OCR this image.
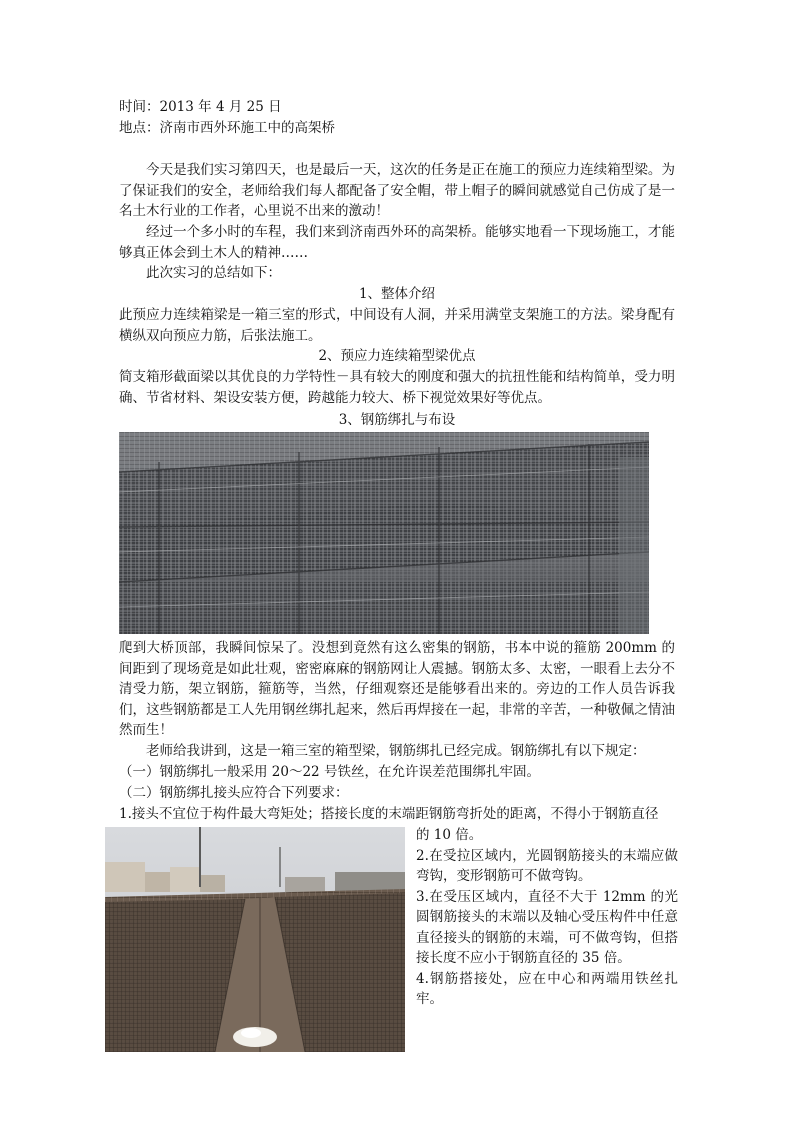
时间：2013 年 4 月 25 日
地点：济南市西外环施工中的高架桥
今天是我们实习第四天，也是最后一天，这次的任务是正在施工的预应力连续箱型梁。为了保证我们的安全，老师给我们每人都配备了安全帽，带上帽子的瞬间就感觉自己仿成了是一名土木行业的工作者，心里说不出来的激动！
经过一个多小时的车程，我们来到济南西外环的高架桥。能够实地看一下现场施工，才能够真正体会到土木人的精神……
此次实习的总结如下：
1、整体介绍
此预应力连续箱梁是一箱三室的形式，中间设有人洞，并采用满堂支架施工的方法。梁身配有横纵双向预应力筋，后张法施工。
2、预应力连续箱型梁优点
简支箱形截面梁以其优良的力学特性－具有较大的刚度和强大的抗扭性能和结构简单，受力明确、节省材料、架设安装方便，跨越能力较大、桥下视觉效果好等优点。
3、钢筋绑扎与布设
爬到大桥顶部，我瞬间惊呆了。没想到竟然有这么密集的钢筋，书本中说的箍筋 200mm 的间距到了现场竟是如此壮观，密密麻麻的钢筋网让人震撼。钢筋太多、太密，一眼看上去分不清受力筋，架立钢筋，箍筋等，当然，仔细观察还是能够看出来的。旁边的工作人员告诉我们，这些钢筋都是工人先用钢丝绑扎起来，然后再焊接在一起，非常的辛苦，一种敬佩之情油然而生！
老师给我讲到，这是一箱三室的箱型梁，钢筋绑扎已经完成。钢筋绑扎有以下规定：
（一）钢筋绑扎一般采用 20～22 号铁丝，在允许误差范围绑扎牢固。
（二）钢筋绑扎接头应符合下列要求：
1.接头不宜位于构件最大弯矩处；搭接长度的末端距钢筋弯折处的距离，不得小于钢筋直径

的 10 倍。

2.在受拉区域内，光圆钢筋接头的末端应做弯钩，变形钢筋可不做弯钩。

3.在受压区域内，直径不大于 12mm 的光圆钢筋接头的末端以及轴心受压构件中任意直径接头的钢筋的末端，可不做弯钩，但搭接长度不应小于钢筋直径的 35 倍。

4.钢筋搭接处，应在中心和两端用铁丝扎牢。
